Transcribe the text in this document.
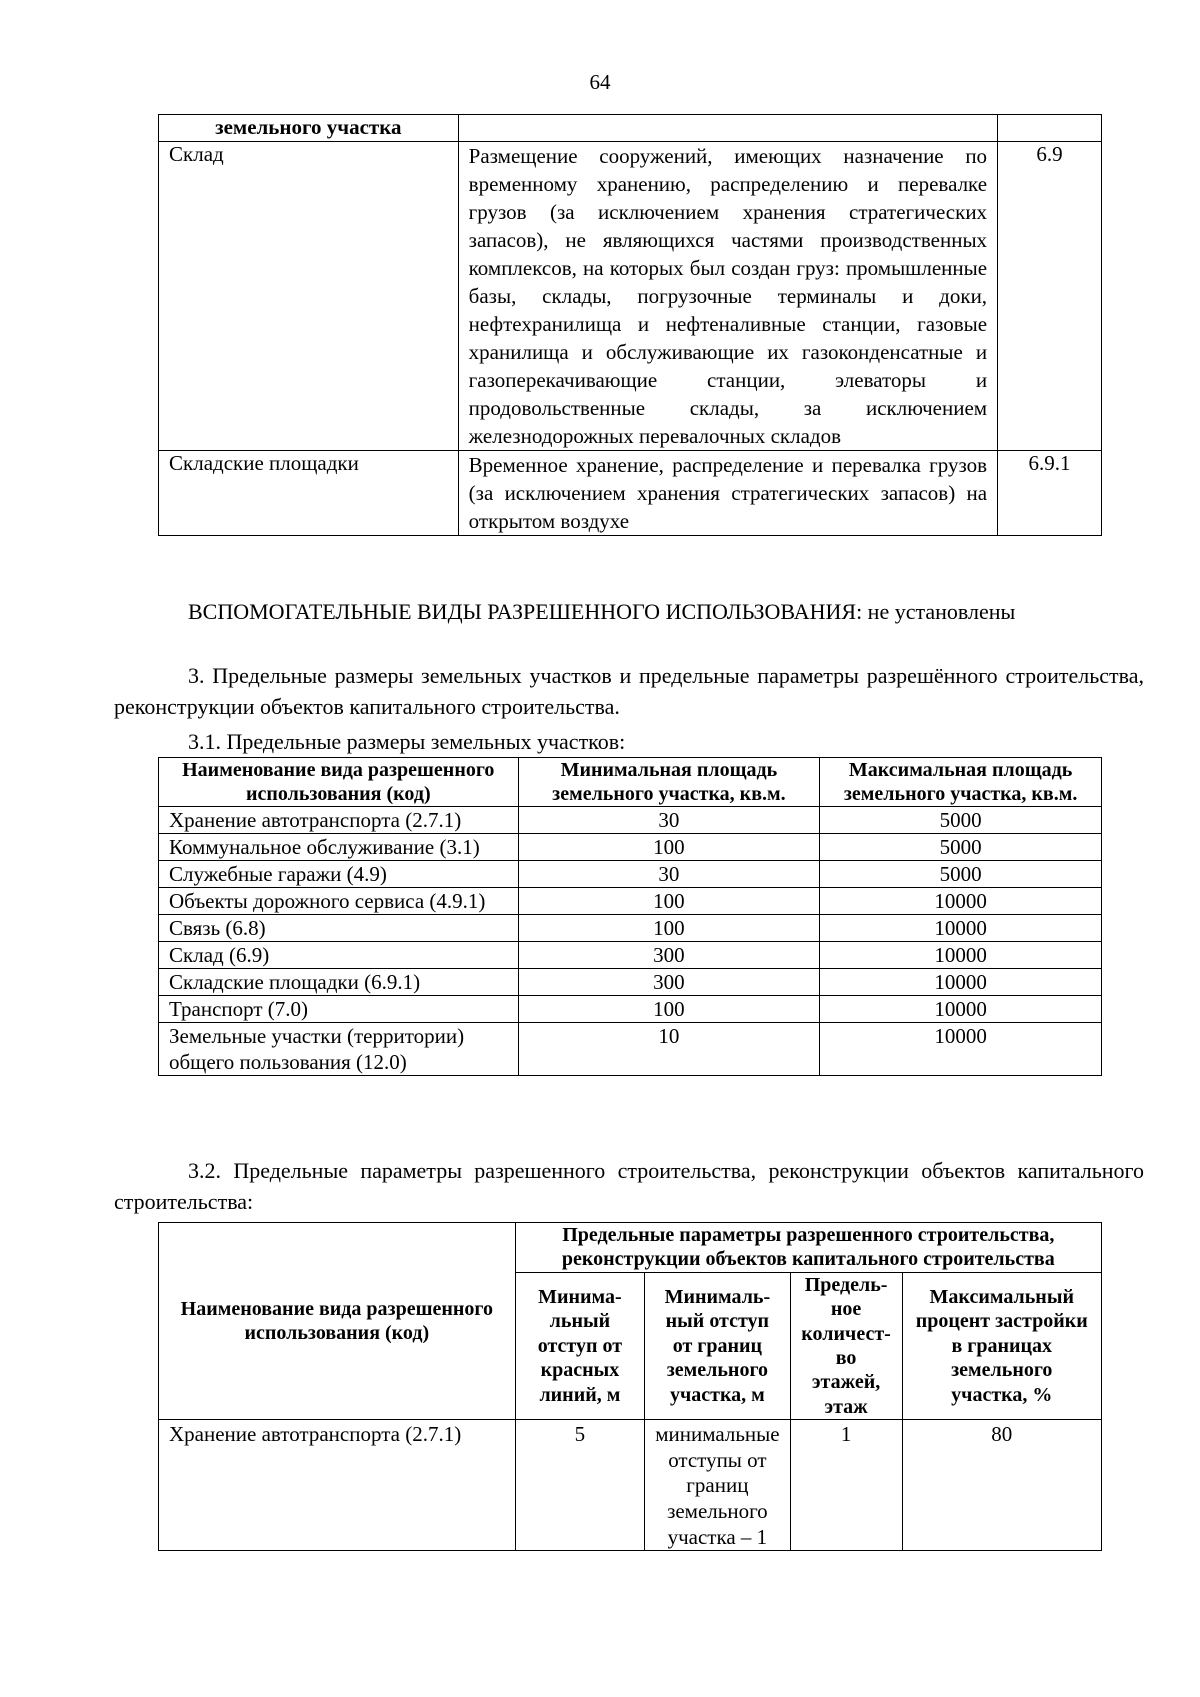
64
земельного участка		
Склад	Размещение сооружений, имеющих назначение по временному хранению, распределению и перевалке грузов (за исключением хранения стратегических запасов), не являющихся частями производственных комплексов, на которых был создан груз: промышленные базы, склады, погрузочные терминалы и доки, нефтехранилища и нефтеналивные станции, газовые хранилища и обслуживающие их газоконденсатные и газоперекачивающие станции, элеваторы и продовольственные склады, за исключением железнодорожных перевалочных складов	6.9
Складские площадки	Временное хранение, распределение и перевалка грузов (за исключением хранения стратегических запасов) на открытом воздухе	6.9.1
ВСПОМОГАТЕЛЬНЫЕ ВИДЫ РАЗРЕШЕННОГО ИСПОЛЬЗОВАНИЯ: не установлены
3. Предельные размеры земельных участков и предельные параметры разрешённого строительства, реконструкции объектов капитального строительства.
3.1. Предельные размеры земельных участков:
Наименование вида разрешенного использования (код)	Минимальная площадь земельного участка, кв.м.	Максимальная площадь земельного участка, кв.м.
Хранение автотранспорта (2.7.1)	30	5000
Коммунальное обслуживание (3.1)	100	5000
Служебные гаражи (4.9)	30	5000
Объекты дорожного сервиса (4.9.1)	100	10000
Связь (6.8)	100	10000
Склад (6.9)	300	10000
Складские площадки (6.9.1)	300	10000
Транспорт (7.0)	100	10000
Земельные участки (территории) общего пользования (12.0)	10	10000
3.2. Предельные параметры разрешенного строительства, реконструкции объектов капитального строительства:
Наименование вида разрешенного использования (код)	Предельные параметры разрешенного строительства, реконструкции объектов капитального строительства			
	Минима-льный отступ от красных линий, м	Минималь-ный отступ от границ земельного участка, м	Предель-ное количест-во этажей, этаж	Максимальный процент застройки в границах земельного участка, %
Хранение автотранспорта (2.7.1)	5	минимальные отступы от границ земельного участка – 1	1	80
